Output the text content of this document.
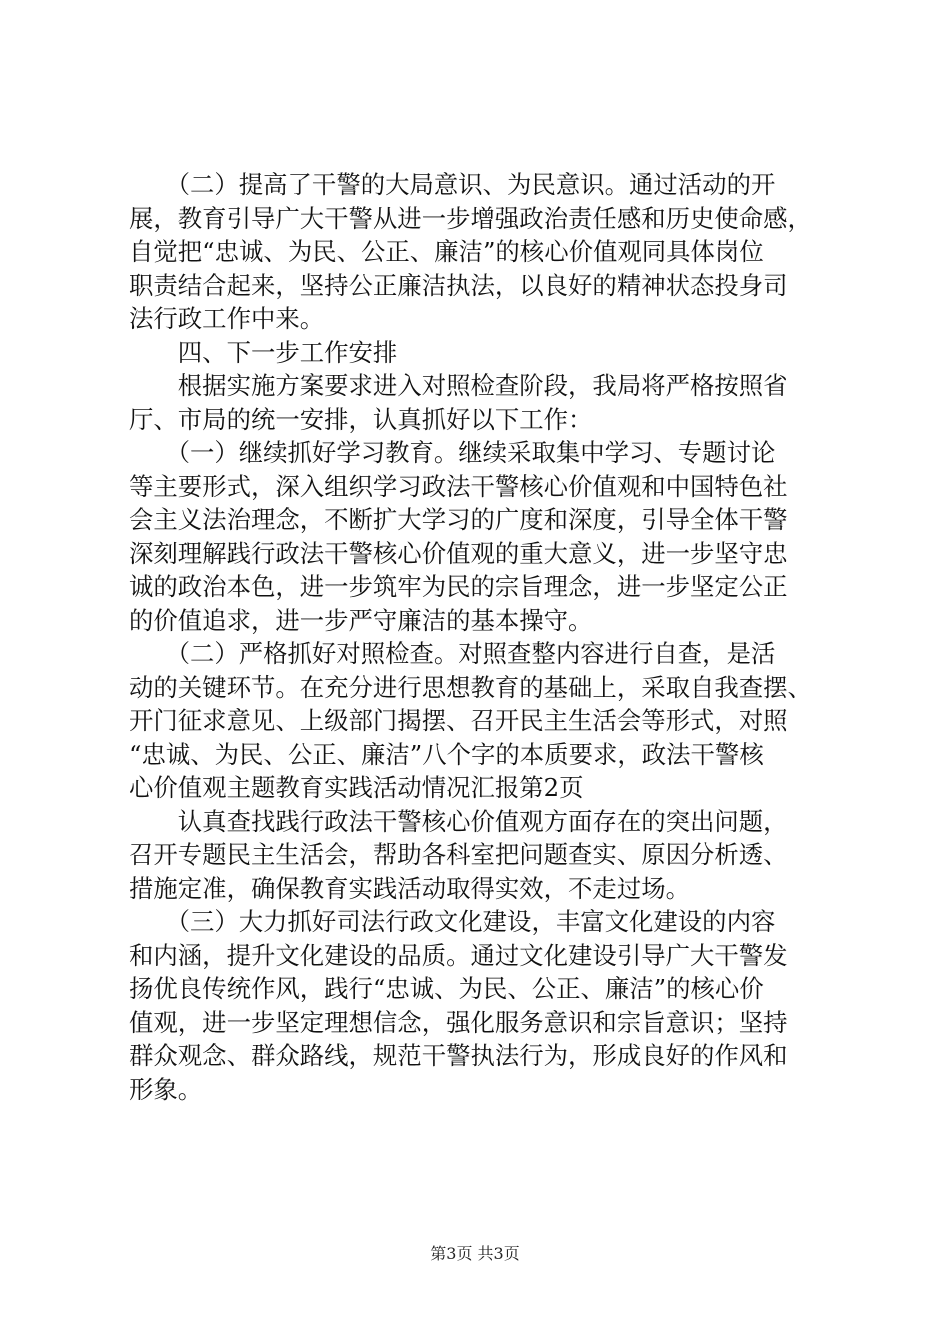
　　（二）提高了干警的大局意识、为民意识。通过活动的开
展，教育引导广大干警从进一步增强政治责任感和历史使命感，
自觉把“忠诚、为民、公正、廉洁”的核心价值观同具体岗位
职责结合起来，坚持公正廉洁执法，以良好的精神状态投身司
法行政工作中来。
　　四、下一步工作安排
　　根据实施方案要求进入对照检查阶段，我局将严格按照省
厅、市局的统一安排，认真抓好以下工作：
　　（一）继续抓好学习教育。继续采取集中学习、专题讨论
等主要形式，深入组织学习政法干警核心价值观和中国特色社
会主义法治理念，不断扩大学习的广度和深度，引导全体干警
深刻理解践行政法干警核心价值观的重大意义，进一步坚守忠
诚的政治本色，进一步筑牢为民的宗旨理念，进一步坚定公正
的价值追求，进一步严守廉洁的基本操守。
　　（二）严格抓好对照检查。对照查整内容进行自查，是活
动的关键环节。在充分进行思想教育的基础上，采取自我查摆、
开门征求意见、上级部门揭摆、召开民主生活会等形式，对照
“忠诚、为民、公正、廉洁”八个字的本质要求，政法干警核
心价值观主题教育实践活动情况汇报第2页
　　认真查找践行政法干警核心价值观方面存在的突出问题，
召开专题民主生活会，帮助各科室把问题查实、原因分析透、
措施定准，确保教育实践活动取得实效，不走过场。
　　（三）大力抓好司法行政文化建设，丰富文化建设的内容
和内涵，提升文化建设的品质。通过文化建设引导广大干警发
扬优良传统作风，践行“忠诚、为民、公正、廉洁”的核心价
值观，进一步坚定理想信念，强化服务意识和宗旨意识；坚持
群众观念、群众路线，规范干警执法行为，形成良好的作风和
形象。
第3页 共3页
